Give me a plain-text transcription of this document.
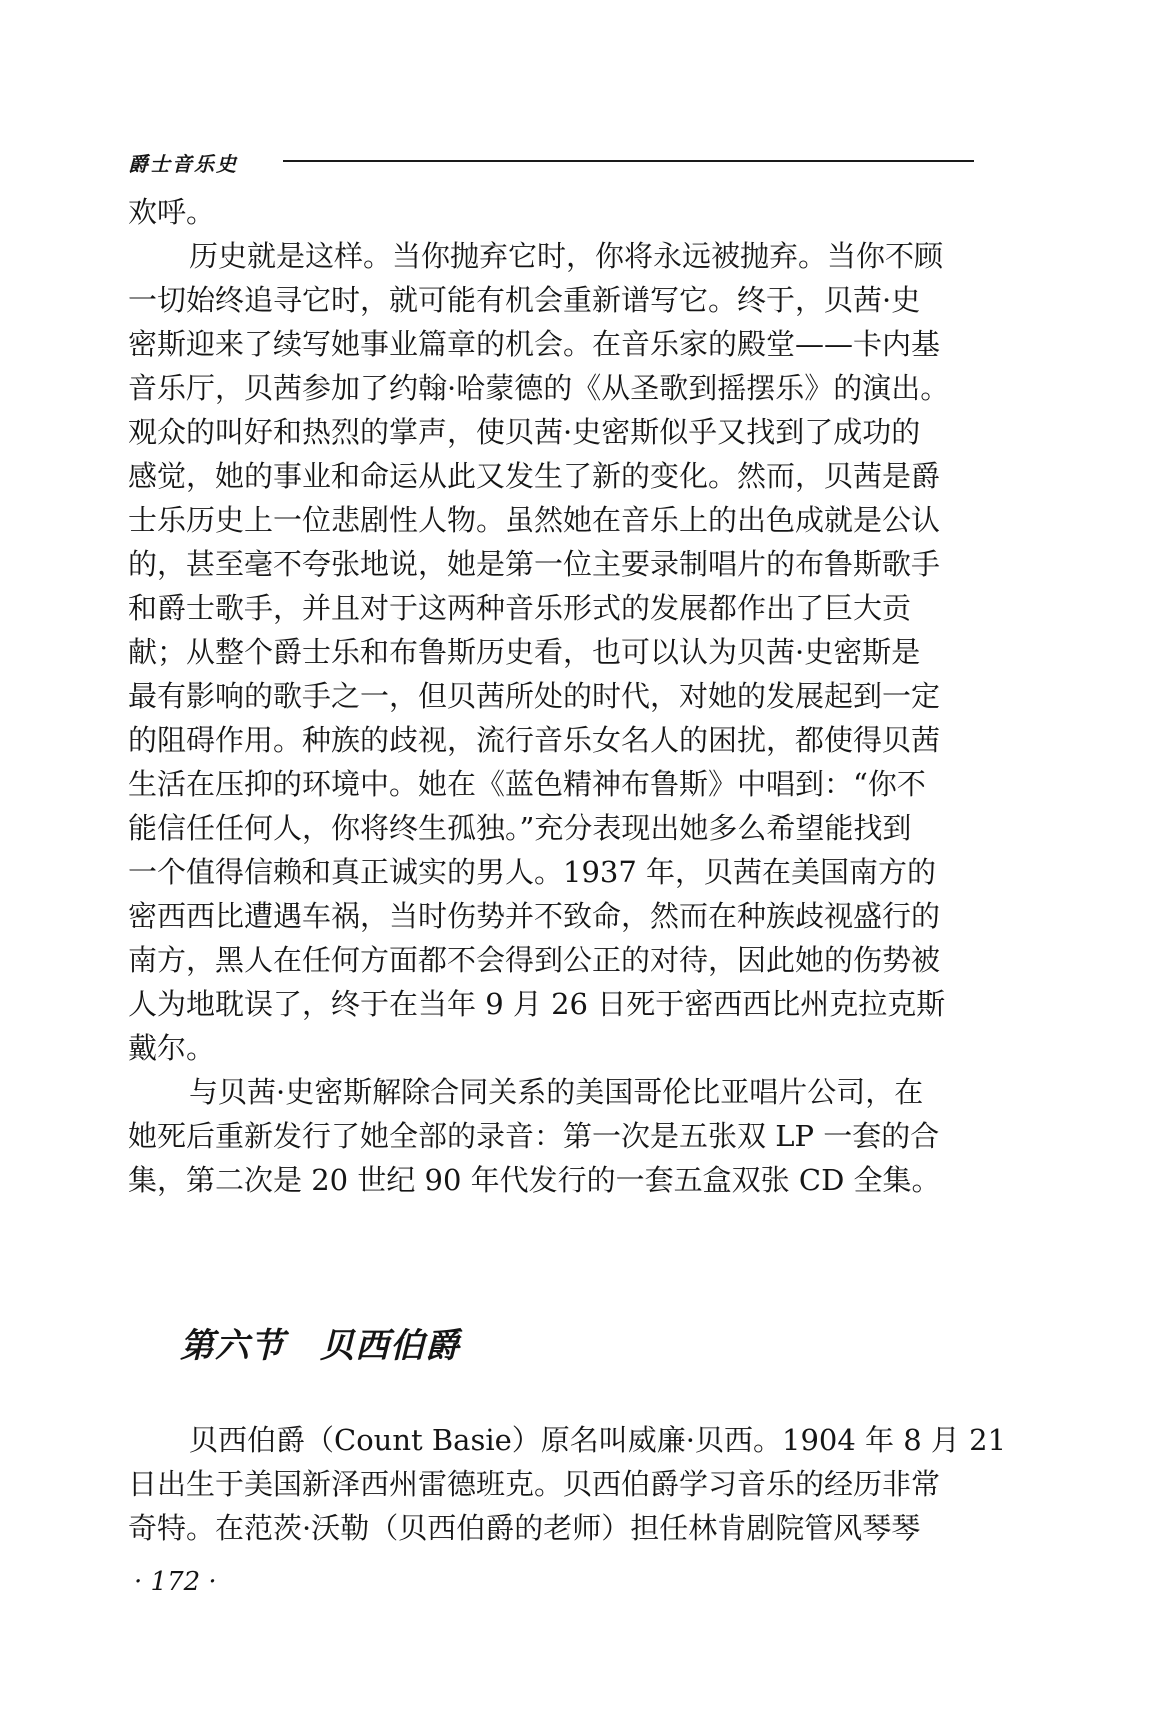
爵士音乐史
欢呼。
历史就是这样。当你抛弃它时，你将永远被抛弃。当你不顾
一切始终追寻它时，就可能有机会重新谱写它。终于，贝茜·史
密斯迎来了续写她事业篇章的机会。在音乐家的殿堂——卡内基
音乐厅，贝茜参加了约翰·哈蒙德的《从圣歌到摇摆乐》的演出。
观众的叫好和热烈的掌声，使贝茜·史密斯似乎又找到了成功的
感觉，她的事业和命运从此又发生了新的变化。然而，贝茜是爵
士乐历史上一位悲剧性人物。虽然她在音乐上的出色成就是公认
的，甚至毫不夸张地说，她是第一位主要录制唱片的布鲁斯歌手
和爵士歌手，并且对于这两种音乐形式的发展都作出了巨大贡
献；从整个爵士乐和布鲁斯历史看，也可以认为贝茜·史密斯是
最有影响的歌手之一，但贝茜所处的时代，对她的发展起到一定
的阻碍作用。种族的歧视，流行音乐女名人的困扰，都使得贝茜
生活在压抑的环境中。她在《蓝色精神布鲁斯》中唱到：“你不
能信任任何人，你将终生孤独。”充分表现出她多么希望能找到
一个值得信赖和真正诚实的男人。1937 年，贝茜在美国南方的
密西西比遭遇车祸，当时伤势并不致命，然而在种族歧视盛行的
南方，黑人在任何方面都不会得到公正的对待，因此她的伤势被
人为地耽误了，终于在当年 9 月 26 日死于密西西比州克拉克斯
戴尔。
与贝茜·史密斯解除合同关系的美国哥伦比亚唱片公司，在
她死后重新发行了她全部的录音：第一次是五张双 LP 一套的合
集，第二次是 20 世纪 90 年代发行的一套五盒双张 CD 全集。
第六节　贝西伯爵
贝西伯爵（Count Basie）原名叫威廉·贝西。1904 年 8 月 21
日出生于美国新泽西州雷德班克。贝西伯爵学习音乐的经历非常
奇特。在范茨·沃勒（贝西伯爵的老师）担任林肯剧院管风琴琴
· 172 ·
